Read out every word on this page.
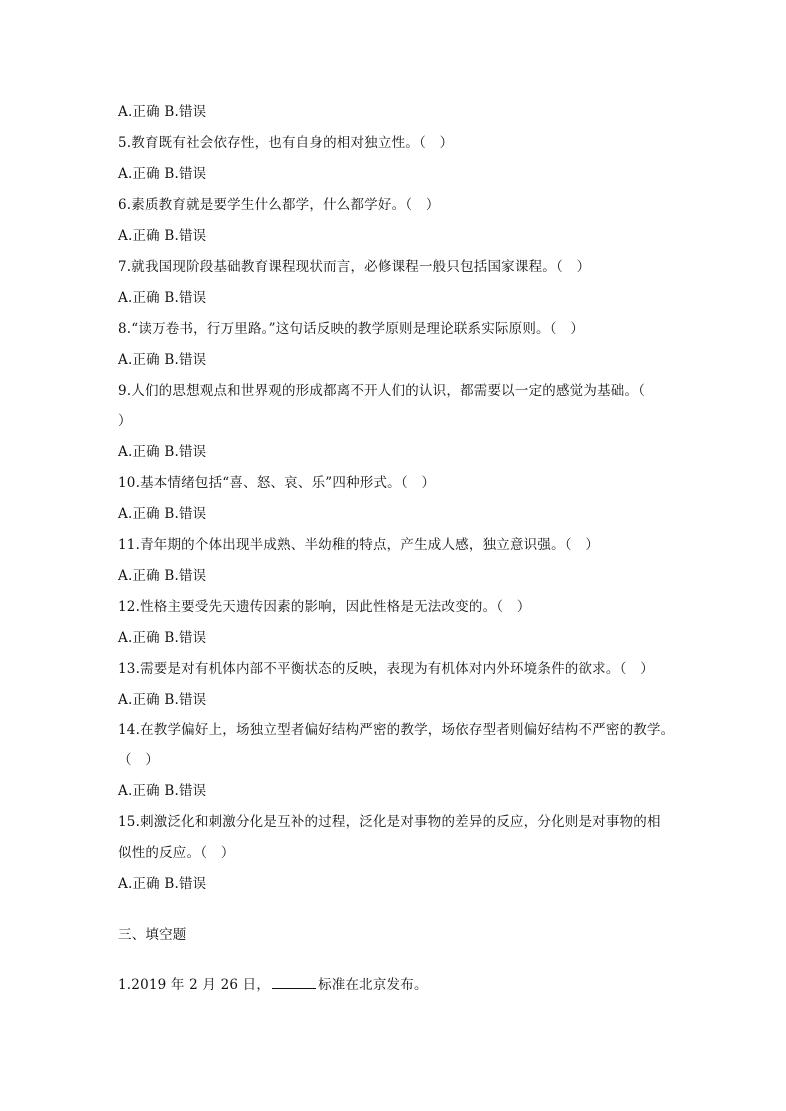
A.正确 B.错误
5.教育既有社会依存性，也有自身的相对独立性。（　）
A.正确 B.错误
6.素质教育就是要学生什么都学，什么都学好。（　）
A.正确 B.错误
7.就我国现阶段基础教育课程现状而言，必修课程一般只包括国家课程。（　）
A.正确 B.错误
8.“读万卷书，行万里路。”这句话反映的教学原则是理论联系实际原则。（　）
A.正确 B.错误
9.人们的思想观点和世界观的形成都离不开人们的认识，都需要以一定的感觉为基础。（
）
A.正确 B.错误
10.基本情绪包括“喜、怒、哀、乐”四种形式。（　）
A.正确 B.错误
11.青年期的个体出现半成熟、半幼稚的特点，产生成人感，独立意识强。（　）
A.正确 B.错误
12.性格主要受先天遗传因素的影响，因此性格是无法改变的。（　）
A.正确 B.错误
13.需要是对有机体内部不平衡状态的反映，表现为有机体对内外环境条件的欲求。（　）
A.正确 B.错误
14.在教学偏好上，场独立型者偏好结构严密的教学，场依存型者则偏好结构不严密的教学。
（　）
A.正确 B.错误
15.刺激泛化和刺激分化是互补的过程，泛化是对事物的差异的反应，分化则是对事物的相
似性的反应。（　）
A.正确 B.错误
三、填空题
1.2019 年 2 月 26 日，	标准在北京发布。
